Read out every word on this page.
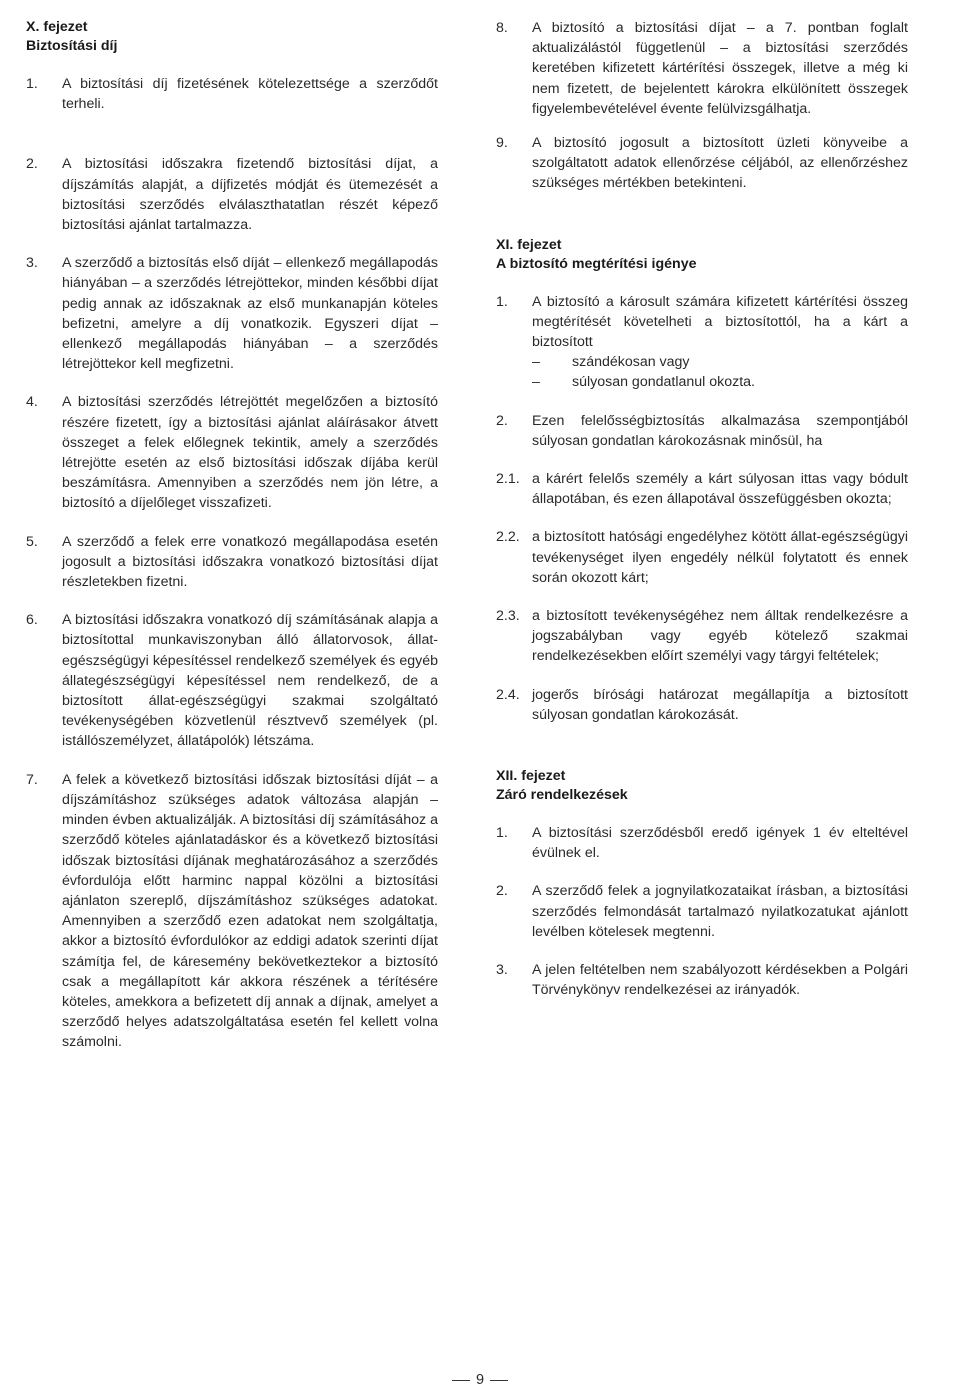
X. fejezet
Biztosítási díj
1. A biztosítási díj fizetésének kötelezettsége a szerződőt terheli.
2. A biztosítási időszakra fizetendő biztosítási díjat, a díjszámítás alapját, a díjfizetés módját és ütemezését a biztosítási szerződés elválaszthatatlan részét képező biztosítási ajánlat tartalmazza.
3. A szerződő a biztosítás első díját – ellenkező megállapodás hiányában – a szerződés létrejöttekor, minden későbbi díjat pedig annak az időszaknak az első munkanapján köteles befizetni, amelyre a díj vonatkozik. Egyszeri díjat – ellenkező megállapodás hiányában – a szerződés létrejöttekor kell megfizetni.
4. A biztosítási szerződés létrejöttét megelőzően a biztosító részére fizetett, így a biztosítási ajánlat aláírásakor átvett összeget a felek előlegnek tekintik, amely a szerződés létrejötte esetén az első biztosítási időszak díjába kerül beszámításra. Amennyiben a szerződés nem jön létre, a biztosító a díjelőleget visszafizeti.
5. A szerződő a felek erre vonatkozó megállapodása esetén jogosult a biztosítási időszakra vonatkozó biztosítási díjat részletekben fizetni.
6. A biztosítási időszakra vonatkozó díj számításának alapja a biztosítottal munkaviszonyban álló állatorvosok, állat-egészségügyi képesítéssel rendelkező személyek és egyéb állategészségügyi képesítéssel nem rendelkező, de a biztosított állat-egészségügyi szakmai szolgáltató tevékenységében közvetlenül résztvevő személyek (pl. istállószemélyzet, állatápolók) létszáma.
7. A felek a következő biztosítási időszak biztosítási díját – a díjszámításhoz szükséges adatok változása alapján – minden évben aktualizálják. A biztosítási díj számításához a szerződő köteles ajánlatadáskor és a következő biztosítási időszak biztosítási díjának meghatározásához a szerződés évfordulója előtt harminc nappal közölni a biztosítási ajánlaton szereplő, díjszámításhoz szükséges adatokat. Amennyiben a szerződő ezen adatokat nem szolgáltatja, akkor a biztosító évfordulókor az eddigi adatok szerinti díjat számítja fel, de káresemény bekövetkeztekor a biztosító csak a megállapított kár akkora részének a térítésére köteles, amekkora a befizetett díj annak a díjnak, amelyet a szerződő helyes adatszolgáltatása esetén fel kellett volna számolni.
8. A biztosító a biztosítási díjat – a 7. pontban foglalt aktualizálástól függetlenül – a biztosítási szerződés keretében kifizetett kártérítési összegek, illetve a még ki nem fizetett, de bejelentett károkra elkülönített összegek figyelembevételével évente felülvizsgálhatja.
9. A biztosító jogosult a biztosított üzleti könyveibe a szolgáltatott adatok ellenőrzése céljából, az ellenőrzéshez szükséges mértékben betekinteni.
XI. fejezet
A biztosító megtérítési igénye
1. A biztosító a károsult számára kifizetett kártérítési összeg megtérítését követelheti a biztosítottól, ha a kárt a biztosított
– szándékosan vagy
– súlyosan gondatlanul okozta.
2. Ezen felelősségbiztosítás alkalmazása szempontjából súlyosan gondatlan károkozásnak minősül, ha
2.1. a kárért felelős személy a kárt súlyosan ittas vagy bódult állapotában, és ezen állapotával összefüggésben okozta;
2.2. a biztosított hatósági engedélyhez kötött állat-egészségügyi tevékenységet ilyen engedély nélkül folytatott és ennek során okozott kárt;
2.3. a biztosított tevékenységéhez nem álltak rendelkezésre a jogszabályban vagy egyéb kötelező szakmai rendelkezésekben előírt személyi vagy tárgyi feltételek;
2.4. jogerős bírósági határozat megállapítja a biztosított súlyosan gondatlan károkozását.
XII. fejezet
Záró rendelkezések
1. A biztosítási szerződésből eredő igények 1 év elteltével évülnek el.
2. A szerződő felek a jognyilatkozataikat írásban, a biztosítási szerződés felmondását tartalmazó nyilatkozatukat ajánlott levélben kötelesek megtenni.
3. A jelen feltételben nem szabályozott kérdésekben a Polgári Törvénykönyv rendelkezései az irányadók.
9
